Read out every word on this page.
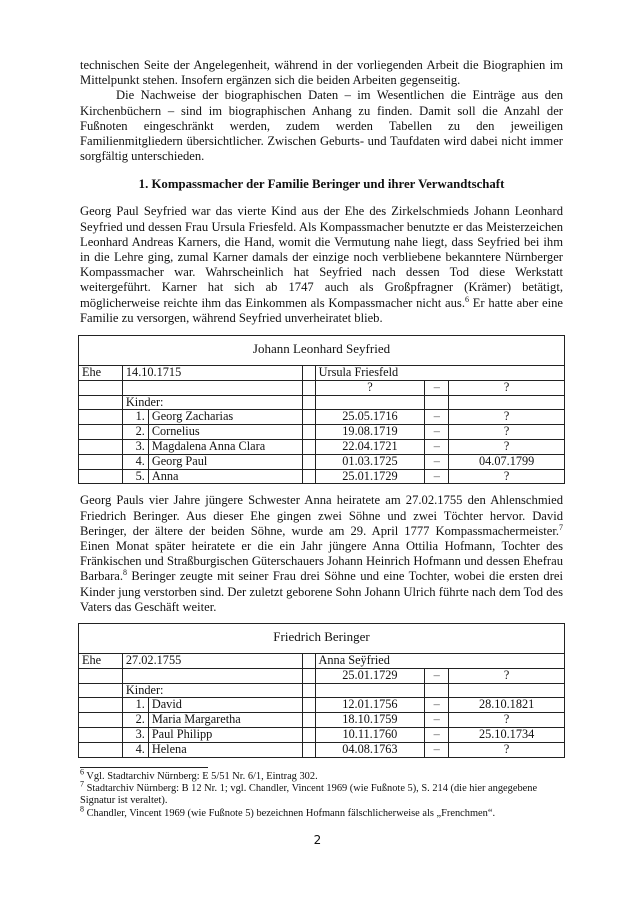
technischen Seite der Angelegenheit, während in der vorliegenden Arbeit die Biographien im Mittelpunkt stehen. Insofern ergänzen sich die beiden Arbeiten gegenseitig.

Die Nachweise der biographischen Daten – im Wesentlichen die Einträge aus den Kirchenbüchern – sind im biographischen Anhang zu finden. Damit soll die Anzahl der Fußnoten eingeschränkt werden, zudem werden Tabellen zu den jeweiligen Familienmitgliedern übersichtlicher. Zwischen Geburts- und Taufdaten wird dabei nicht immer sorgfältig unterschieden.

1. Kompassmacher der Familie Beringer und ihrer Verwandtschaft

Georg Paul Seyfried war das vierte Kind aus der Ehe des Zirkelschmieds Johann Leonhard Seyfried und dessen Frau Ursula Friesfeld. Als Kompassmacher benutzte er das Meisterzeichen Leonhard Andreas Karners, die Hand, womit die Vermutung nahe liegt, dass Seyfried bei ihm in die Lehre ging, zumal Karner damals der einzige noch verbliebene bekanntere Nürnberger Kompassmacher war. Wahrscheinlich hat Seyfried nach dessen Tod diese Werkstatt weitergeführt. Karner hat sich ab 1747 auch als Großpfragner (Krämer) betätigt, möglicherweise reichte ihm das Einkommen als Kompassmacher nicht aus.$^6$ Er hatte aber eine Familie zu versorgen, während Seyfried unverheiratet blieb.

Johann Leonhard Seyfried						
Ehe	14.10.1715			Ursula Friesfeld		
				?	–	?
	Kinder:					
	1.	Georg Zacharias		25.05.1716	–	?
	2.	Cornelius		19.08.1719	–	?
	3.	Magdalena Anna Clara		22.04.1721	–	?
	4.	Georg Paul		01.03.1725	–	04.07.1799
	5.	Anna		25.01.1729	–	?

Georg Pauls vier Jahre jüngere Schwester Anna heiratete am 27.02.1755 den Ahlenschmied Friedrich Beringer. Aus dieser Ehe gingen zwei Söhne und zwei Töchter hervor. David Beringer, der ältere der beiden Söhne, wurde am 29. April 1777 Kompassmachermeister.$^7$ Einen Monat später heiratete er die ein Jahr jüngere Anna Ottilia Hofmann, Tochter des Fränkischen und Straßburgischen Güterschauers Johann Heinrich Hofmann und dessen Ehefrau Barbara.$^8$ Beringer zeugte mit seiner Frau drei Söhne und eine Tochter, wobei die ersten drei Kinder jung verstorben sind. Der zuletzt geborene Sohn Johann Ulrich führte nach dem Tod des Vaters das Geschäft weiter.

Friedrich Beringer						
Ehe	27.02.1755			Anna Seÿfried		
				25.01.1729	–	?
	Kinder:					
	1.	David		12.01.1756	–	28.10.1821
	2.	Maria Margaretha		18.10.1759	–	?
	3.	Paul Philipp		10.11.1760	–	25.10.1734
	4.	Helena		04.08.1763	–	?

$^6$ Vgl. Stadtarchiv Nürnberg: E 5/51 Nr. 6/1, Eintrag 302.

$^7$ Stadtarchiv Nürnberg: B 12 Nr. 1; vgl. Chandler, Vincent 1969 (wie Fußnote 5), S. 214 (die hier angegebene Signatur ist veraltet).

$^8$ Chandler, Vincent 1969 (wie Fußnote 5) bezeichnen Hofmann fälschlicherweise als „Frenchmen“.

2
